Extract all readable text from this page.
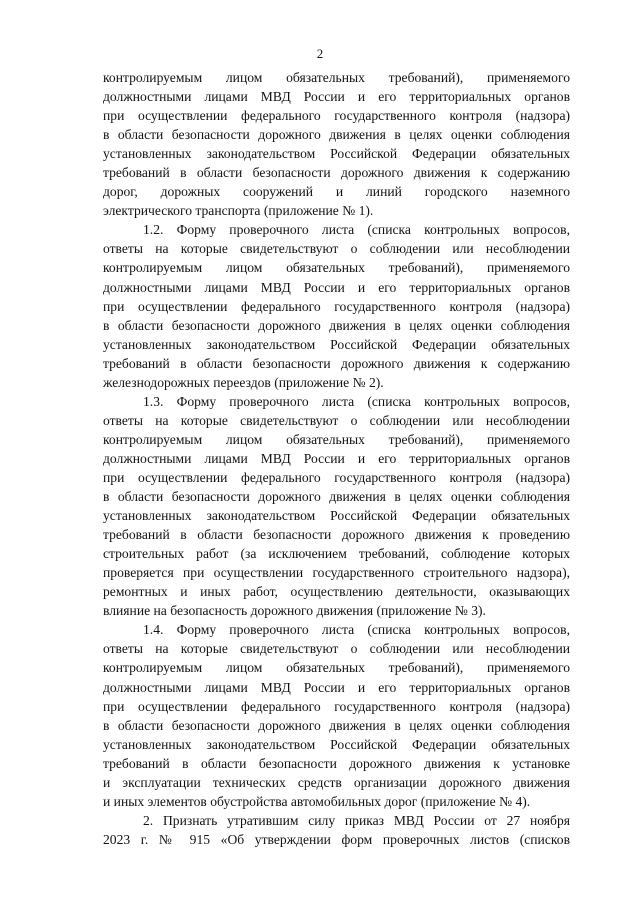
2
контролируемым лицом обязательных требований), применяемого
должностными лицами МВД России и его территориальных органов
при осуществлении федерального государственного контроля (надзора)
в области безопасности дорожного движения в целях оценки соблюдения
установленных законодательством Российской Федерации обязательных
требований в области безопасности дорожного движения к содержанию
дорог, дорожных сооружений и линий городского наземного
электрического транспорта (приложение № 1).
1.2. Форму проверочного листа (списка контрольных вопросов,
ответы на которые свидетельствуют о соблюдении или несоблюдении
контролируемым лицом обязательных требований), применяемого
должностными лицами МВД России и его территориальных органов
при осуществлении федерального государственного контроля (надзора)
в области безопасности дорожного движения в целях оценки соблюдения
установленных законодательством Российской Федерации обязательных
требований в области безопасности дорожного движения к содержанию
железнодорожных переездов (приложение № 2).
1.3. Форму проверочного листа (списка контрольных вопросов,
ответы на которые свидетельствуют о соблюдении или несоблюдении
контролируемым лицом обязательных требований), применяемого
должностными лицами МВД России и его территориальных органов
при осуществлении федерального государственного контроля (надзора)
в области безопасности дорожного движения в целях оценки соблюдения
установленных законодательством Российской Федерации обязательных
требований в области безопасности дорожного движения к проведению
строительных работ (за исключением требований, соблюдение которых
проверяется при осуществлении государственного строительного надзора),
ремонтных и иных работ, осуществлению деятельности, оказывающих
влияние на безопасность дорожного движения (приложение № 3).
1.4. Форму проверочного листа (списка контрольных вопросов,
ответы на которые свидетельствуют о соблюдении или несоблюдении
контролируемым лицом обязательных требований), применяемого
должностными лицами МВД России и его территориальных органов
при осуществлении федерального государственного контроля (надзора)
в области безопасности дорожного движения в целях оценки соблюдения
установленных законодательством Российской Федерации обязательных
требований в области безопасности дорожного движения к установке
и эксплуатации технических средств организации дорожного движения
и иных элементов обустройства автомобильных дорог (приложение № 4).
2. Признать утратившим силу приказ МВД России от 27 ноября
2023 г. № 915 «Об утверждении форм проверочных листов (списков
